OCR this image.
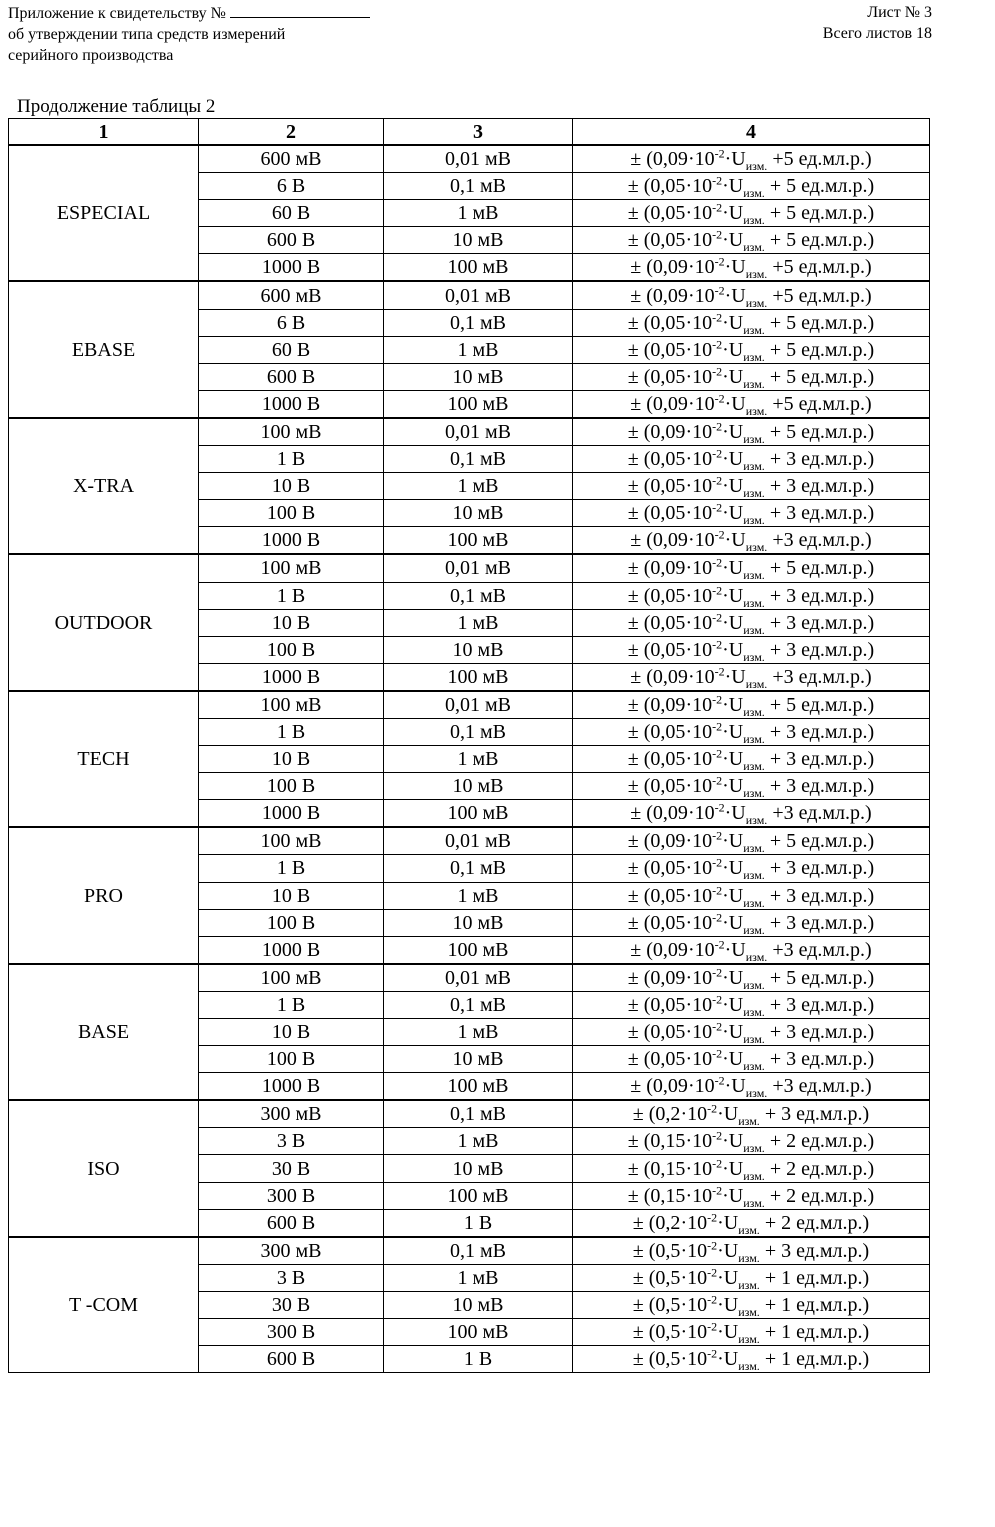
Приложение к свидетельству №
об утверждении типа средств измерений
серийного производства
Лист № 3
Всего листов 18
Продолжение таблицы 2
1	2	3	4
ESPECIAL	600 мВ	0,01 мВ	± ($0,09\cdot 10^{-2}\cdot U_{изм.} +5$ ед.мл.р.)
	6 В	0,1 мВ	± ($0,05\cdot 10^{-2}\cdot U_{изм.} + 5$ ед.мл.р.)
	60 В	1 мВ	± ($0,05\cdot 10^{-2}\cdot U_{изм.} + 5$ ед.мл.р.)
	600 В	10 мВ	± ($0,05\cdot 10^{-2}\cdot U_{изм.} + 5$ ед.мл.р.)
	1000 В	100 мВ	± ($0,09\cdot 10^{-2}\cdot U_{изм.} +5$ ед.мл.р.)
EBASE	600 мВ	0,01 мВ	± ($0,09\cdot 10^{-2}\cdot U_{изм.} +5$ ед.мл.р.)
	6 В	0,1 мВ	± ($0,05\cdot 10^{-2}\cdot U_{изм.} + 5$ ед.мл.р.)
	60 В	1 мВ	± ($0,05\cdot 10^{-2}\cdot U_{изм.} + 5$ ед.мл.р.)
	600 В	10 мВ	± ($0,05\cdot 10^{-2}\cdot U_{изм.} + 5$ ед.мл.р.)
	1000 В	100 мВ	± ($0,09\cdot 10^{-2}\cdot U_{изм.} +5$ ед.мл.р.)
X-TRA	100 мВ	0,01 мВ	± ($0,09\cdot 10^{-2}\cdot U_{изм.} + 5$ ед.мл.р.)
	1 В	0,1 мВ	± ($0,05\cdot 10^{-2}\cdot U_{изм.} + 3$ ед.мл.р.)
	10 В	1 мВ	± ($0,05\cdot 10^{-2}\cdot U_{изм.} + 3$ ед.мл.р.)
	100 В	10 мВ	± ($0,05\cdot 10^{-2}\cdot U_{изм.} + 3$ ед.мл.р.)
	1000 В	100 мВ	± ($0,09\cdot 10^{-2}\cdot U_{изм.} +3$ ед.мл.р.)
OUTDOOR	100 мВ	0,01 мВ	± ($0,09\cdot 10^{-2}\cdot U_{изм.} + 5$ ед.мл.р.)
	1 В	0,1 мВ	± ($0,05\cdot 10^{-2}\cdot U_{изм.} + 3$ ед.мл.р.)
	10 В	1 мВ	± ($0,05\cdot 10^{-2}\cdot U_{изм.} + 3$ ед.мл.р.)
	100 В	10 мВ	± ($0,05\cdot 10^{-2}\cdot U_{изм.} + 3$ ед.мл.р.)
	1000 В	100 мВ	± ($0,09\cdot 10^{-2}\cdot U_{изм.} +3$ ед.мл.р.)
TECH	100 мВ	0,01 мВ	± ($0,09\cdot 10^{-2}\cdot U_{изм.} + 5$ ед.мл.р.)
	1 В	0,1 мВ	± ($0,05\cdot 10^{-2}\cdot U_{изм.} + 3$ ед.мл.р.)
	10 В	1 мВ	± ($0,05\cdot 10^{-2}\cdot U_{изм.} + 3$ ед.мл.р.)
	100 В	10 мВ	± ($0,05\cdot 10^{-2}\cdot U_{изм.} + 3$ ед.мл.р.)
	1000 В	100 мВ	± ($0,09\cdot 10^{-2}\cdot U_{изм.} +3$ ед.мл.р.)
PRO	100 мВ	0,01 мВ	± ($0,09\cdot 10^{-2}\cdot U_{изм.} + 5$ ед.мл.р.)
	1 В	0,1 мВ	± ($0,05\cdot 10^{-2}\cdot U_{изм.} + 3$ ед.мл.р.)
	10 В	1 мВ	± ($0,05\cdot 10^{-2}\cdot U_{изм.} + 3$ ед.мл.р.)
	100 В	10 мВ	± ($0,05\cdot 10^{-2}\cdot U_{изм.} + 3$ ед.мл.р.)
	1000 В	100 мВ	± ($0,09\cdot 10^{-2}\cdot U_{изм.} +3$ ед.мл.р.)
BASE	100 мВ	0,01 мВ	± ($0,09\cdot 10^{-2}\cdot U_{изм.} + 5$ ед.мл.р.)
	1 В	0,1 мВ	± ($0,05\cdot 10^{-2}\cdot U_{изм.} + 3$ ед.мл.р.)
	10 В	1 мВ	± ($0,05\cdot 10^{-2}\cdot U_{изм.} + 3$ ед.мл.р.)
	100 В	10 мВ	± ($0,05\cdot 10^{-2}\cdot U_{изм.} + 3$ ед.мл.р.)
	1000 В	100 мВ	± ($0,09\cdot 10^{-2}\cdot U_{изм.} +3$ ед.мл.р.)
ISO	300 мВ	0,1 мВ	± ($0,2\cdot 10^{-2}\cdot U_{изм.} + 3$ ед.мл.р.)
	3 В	1 мВ	± ($0,15\cdot 10^{-2}\cdot U_{изм.} + 2$ ед.мл.р.)
	30 В	10 мВ	± ($0,15\cdot 10^{-2}\cdot U_{изм.} + 2$ ед.мл.р.)
	300 В	100 мВ	± ($0,15\cdot 10^{-2}\cdot U_{изм.} + 2$ ед.мл.р.)
	600 В	1 В	± ($0,2\cdot 10^{-2}\cdot U_{изм.} + 2$ ед.мл.р.)
T -COM	300 мВ	0,1 мВ	± ($0,5\cdot 10^{-2}\cdot U_{изм.} + 3$ ед.мл.р.)
	3 В	1 мВ	± ($0,5\cdot 10^{-2}\cdot U_{изм.} + 1$ ед.мл.р.)
	30 В	10 мВ	± ($0,5\cdot 10^{-2}\cdot U_{изм.} + 1$ ед.мл.р.)
	300 В	100 мВ	± ($0,5\cdot 10^{-2}\cdot U_{изм.} + 1$ ед.мл.р.)
	600 В	1 В	± ($0,5\cdot 10^{-2}\cdot U_{изм.} + 1$ ед.мл.р.)
